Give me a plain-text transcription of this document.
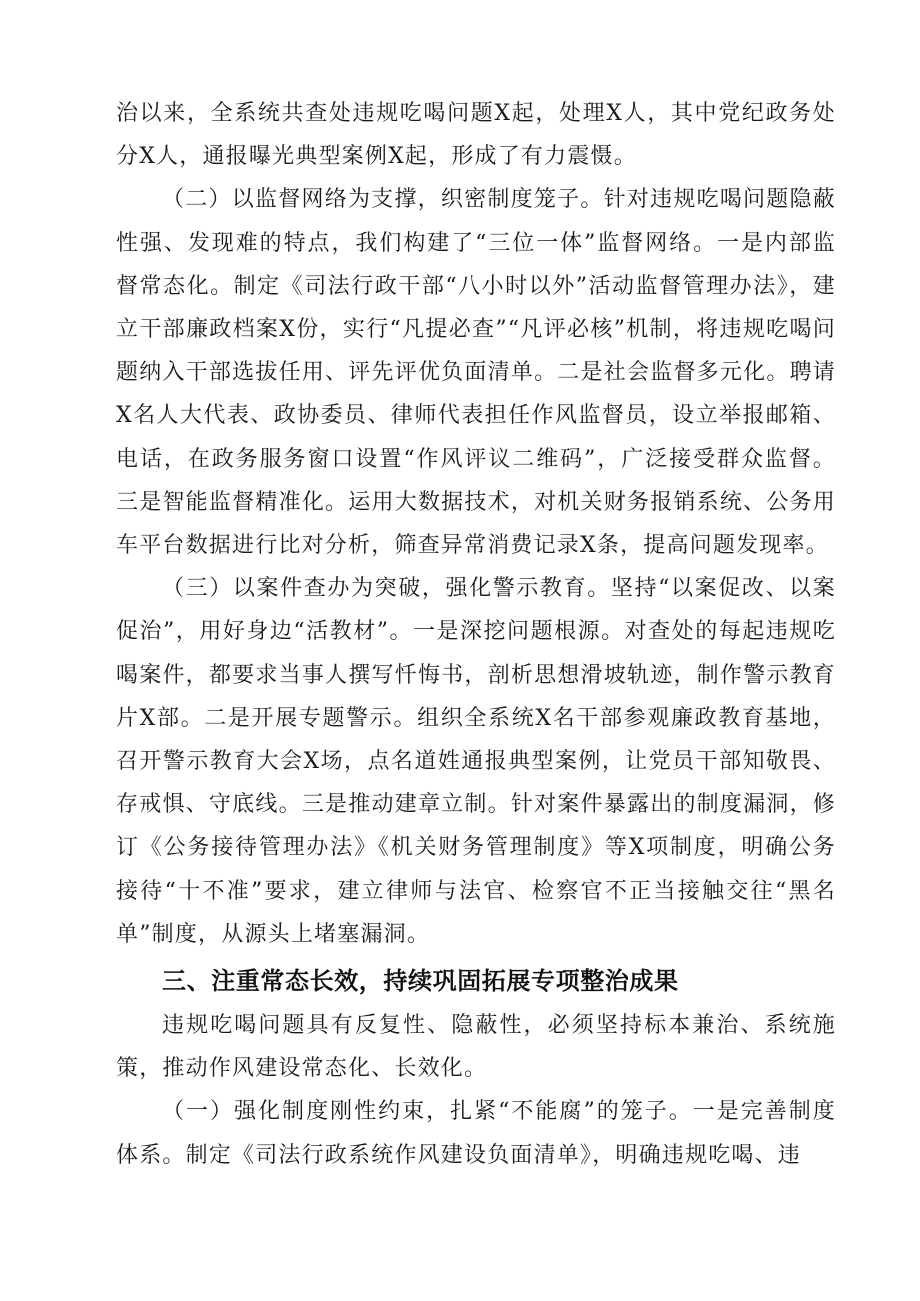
治以来，全系统共查处违规吃喝问题X起，处理X人，其中党纪政务处分X人，通报曝光典型案例X起，形成了有力震慑。

（二）以监督网络为支撑，织密制度笼子。针对违规吃喝问题隐蔽性强、发现难的特点，我们构建了“三位一体”监督网络。一是内部监督常态化。制定《司法行政干部“八小时以外”活动监督管理办法》，建立干部廉政档案X份，实行“凡提必查”“凡评必核”机制，将违规吃喝问题纳入干部选拔任用、评先评优负面清单。二是社会监督多元化。聘请X名人大代表、政协委员、律师代表担任作风监督员，设立举报邮箱、电话，在政务服务窗口设置“作风评议二维码”，广泛接受群众监督。三是智能监督精准化。运用大数据技术，对机关财务报销系统、公务用车平台数据进行比对分析，筛查异常消费记录X条，提高问题发现率。

（三）以案件查办为突破，强化警示教育。坚持“以案促改、以案促治”，用好身边“活教材”。一是深挖问题根源。对查处的每起违规吃喝案件，都要求当事人撰写忏悔书，剖析思想滑坡轨迹，制作警示教育片X部。二是开展专题警示。组织全系统X名干部参观廉政教育基地，召开警示教育大会X场，点名道姓通报典型案例，让党员干部知敬畏、存戒惧、守底线。三是推动建章立制。针对案件暴露出的制度漏洞，修订《公务接待管理办法》《机关财务管理制度》等X项制度，明确公务接待“十不准”要求，建立律师与法官、检察官不正当接触交往“黑名单”制度，从源头上堵塞漏洞。

三、注重常态长效，持续巩固拓展专项整治成果

违规吃喝问题具有反复性、隐蔽性，必须坚持标本兼治、系统施策，推动作风建设常态化、长效化。

（一）强化制度刚性约束，扎紧“不能腐”的笼子。一是完善制度体系。制定《司法行政系统作风建设负面清单》，明确违规吃喝、违
